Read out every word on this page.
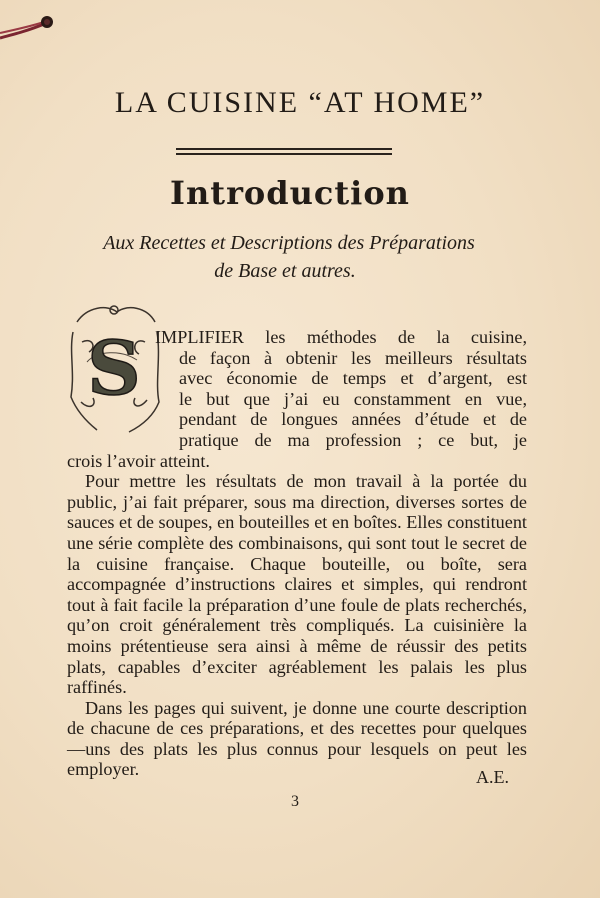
LA CUISINE “AT HOME”
Introduction
Aux Recettes et Descriptions des Préparations
de Base et autres.
S IMPLIFIER les méthodes de la cuisine,
de façon à obtenir les meilleurs résultats
avec économie de temps et d’argent, est
le but que j’ai eu constamment en vue,
pendant de longues années d’étude et de
pratique de ma profession ; ce but, je
crois l’avoir atteint.

Pour mettre les résultats de mon travail à la portée du public, j’ai fait préparer, sous ma direction, diverses sortes de sauces et de soupes, en bouteilles et en boîtes. Elles constituent une série complète des combinaisons, qui sont tout le secret de la cuisine française. Chaque bouteille, ou boîte, sera accompagnée d’instructions claires et simples, qui rendront tout à fait facile la préparation d’une foule de plats recherchés, qu’on croit généralement très compliqués. La cuisinière la moins prétentieuse sera ainsi à même de réussir des petits plats, capables d’exciter agréablement les palais les plus raffinés.

Dans les pages qui suivent, je donne une courte description de chacune de ces préparations, et des recettes pour quelques—uns des plats les plus connus pour lesquels on peut les employer.	A.E.
3
